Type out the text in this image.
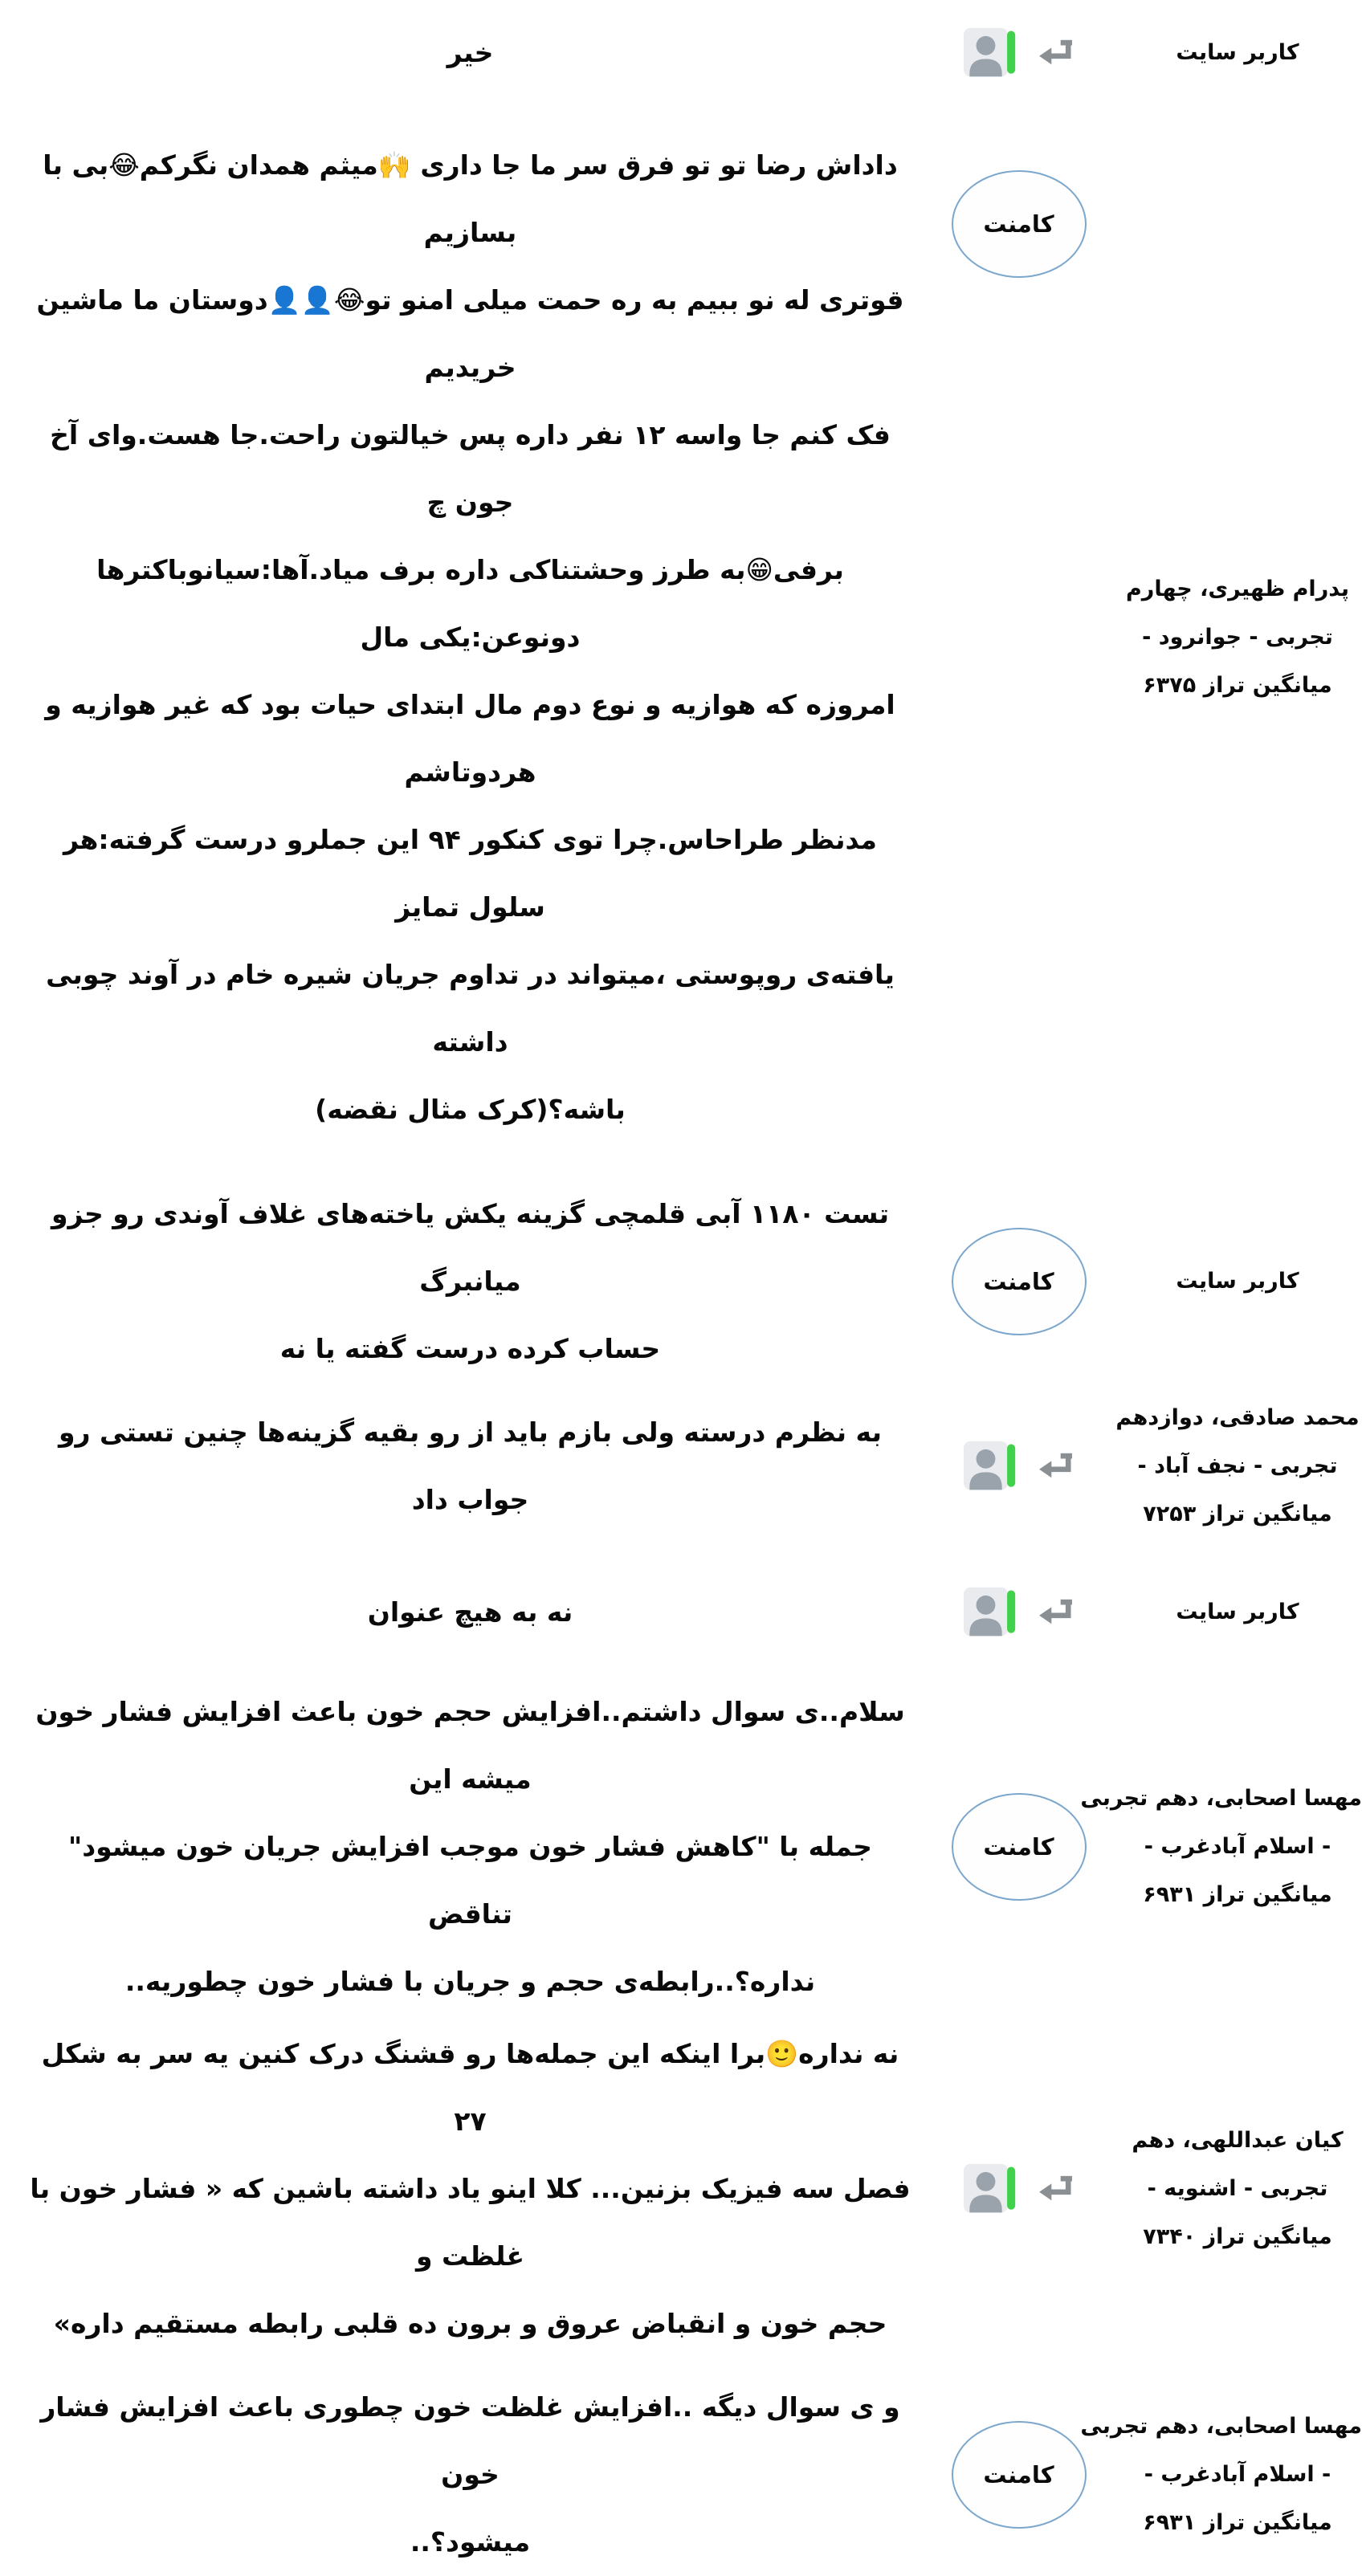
کاربر سایت
خیر
پدرام ظهیری، چهارم
تجربی - جوانرود -
میانگین تراز ۶۳۷۵
کامنت
داداش رضا تو تو فرق سر ما جا داری 🙌میثم همدان نگرکم😂بی با بسازیم
قوتری له نو ببیم به ره حمت میلی امنو تو😂👤👤دوستان ما ماشین خریدیم
فک کنم جا واسه ۱۲ نفر داره پس خیالتون راحت.جا هست.وای آخ جون چ
برفی😁به طرز وحشتناکی داره برف میاد.آها:سیانوباکترها دونوعن:یکی مال
امروزه که هوازیه و نوع دوم مال ابتدای حیات بود که غیر هوازیه و هردوتاشم
مدنظر طراحاس.چرا توی کنکور ۹۴ این جملرو درست گرفته:هر سلول تمایز
یافته‌ی روپوستی ،میتواند در تداوم جریان شیره خام در آوند چوبی داشته
باشه؟(کرک مثال نقضه)
کاربر سایت
کامنت
تست ۱۱۸۰ آبی قلمچی گزینه یکش یاخته‌های غلاف آوندی رو جزو میانبرگ
حساب کرده درست گفته یا نه
محمد صادقی، دوازدهم
تجربی - نجف آباد -
میانگین تراز ۷۲۵۳
به نظرم درسته ولی بازم باید از رو بقیه گزینه‌ها چنین تستی رو جواب داد
کاربر سایت
نه به هیچ عنوان
مهسا اصحابی، دهم تجربی
- اسلام آبادغرب -
میانگین تراز ۶۹۳۱
کامنت
سلام..ی سوال داشتم..افزایش حجم خون باعث افزایش فشار خون میشه این
جمله با "کاهش فشار خون موجب افزایش جریان خون میشود" تناقض
نداره؟..رابطه‌ی حجم و جریان با فشار خون چطوریه..
کیان عبداللهی، دهم
تجربی - اشنویه -
میانگین تراز ۷۳۴۰
نه نداره🙂برا اینکه این جمله‌ها رو قشنگ درک کنین یه سر به شکل ۲۷
فصل سه فیزیک بزنین... کلا اینو یاد داشته باشین که « فشار خون با غلظت و
حجم خون و انقباض عروق و برون ده قلبی رابطه مستقیم داره»
مهسا اصحابی، دهم تجربی
- اسلام آبادغرب -
میانگین تراز ۶۹۳۱
کامنت
و ی سوال دیگه ..افزایش غلظت خون چطوری باعث افزایش فشار خون
میشود؟..
